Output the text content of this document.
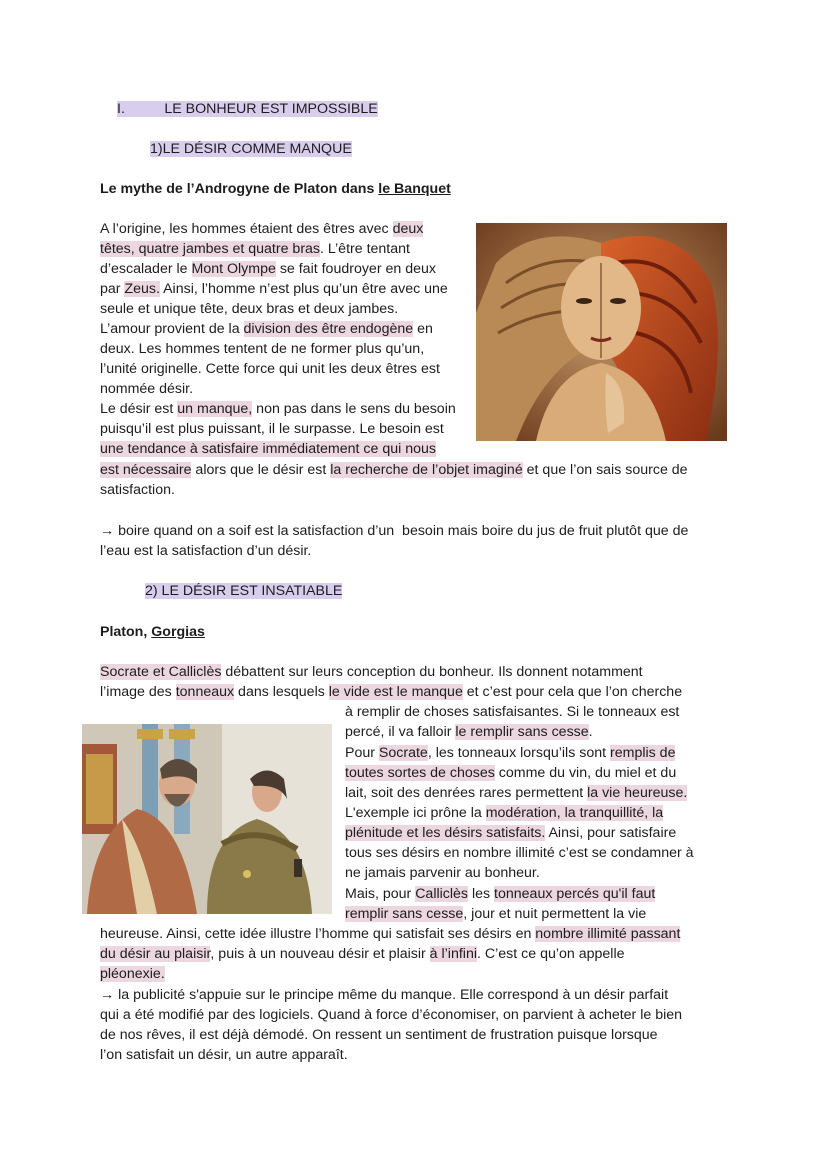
I.	LE BONHEUR EST IMPOSSIBLE
1)LE DÉSIR COMME MANQUE
Le mythe de l’Androgyne de Platon dans le Banquet
A l’origine, les hommes étaient des êtres avec deux
têtes, quatre jambes et quatre bras. L’être tentant
d’escalader le Mont Olympe se fait foudroyer en deux
par Zeus. Ainsi, l’homme n’est plus qu’un être avec une
seule et unique tête, deux bras et deux jambes.
L’amour provient de la division des être endogène en
deux. Les hommes tentent de ne former plus qu’un,
l’unité originelle. Cette force qui unit les deux êtres est
nommée désir.
Le désir est un manque, non pas dans le sens du besoin
puisqu’il est plus puissant, il le surpasse. Le besoin est
une tendance à satisfaire immédiatement ce qui nous
est nécessaire alors que le désir est la recherche de l’objet imaginé et que l’on sais source de
satisfaction.
→ boire quand on a soif est la satisfaction d’un  besoin mais boire du jus de fruit plutôt que de
l’eau est la satisfaction d’un désir.
2) LE DÉSIR EST INSATIABLE
Platon, Gorgias
Socrate et Calliclès débattent sur leurs conception du bonheur. Ils donnent notamment
l’image des tonneaux dans lesquels le vide est le manque et c’est pour cela que l’on cherche
à remplir de choses satisfaisantes. Si le tonneaux est
percé, il va falloir le remplir sans cesse.
Pour Socrate, les tonneaux lorsqu’ils sont remplis de
toutes sortes de choses comme du vin, du miel et du
lait, soit des denrées rares permettent la vie heureuse.
L'exemple ici prône la modération, la tranquillité, la
plénitude et les désirs satisfaits. Ainsi, pour satisfaire
tous ses désirs en nombre illimité c’est se condamner à
ne jamais parvenir au bonheur.
Mais, pour Calliclès les tonneaux percés qu'il faut
remplir sans cesse, jour et nuit permettent la vie
heureuse. Ainsi, cette idée illustre l’homme qui satisfait ses désirs en nombre illimité passant
du désir au plaisir, puis à un nouveau désir et plaisir à l’infini. C’est ce qu’on appelle
pléonexie.
→ la publicité s'appuie sur le principe même du manque. Elle correspond à un désir parfait
qui a été modifié par des logiciels. Quand à force d’économiser, on parvient à acheter le bien
de nos rêves, il est déjà démodé. On ressent un sentiment de frustration puisque lorsque
l’on satisfait un désir, un autre apparaît.
